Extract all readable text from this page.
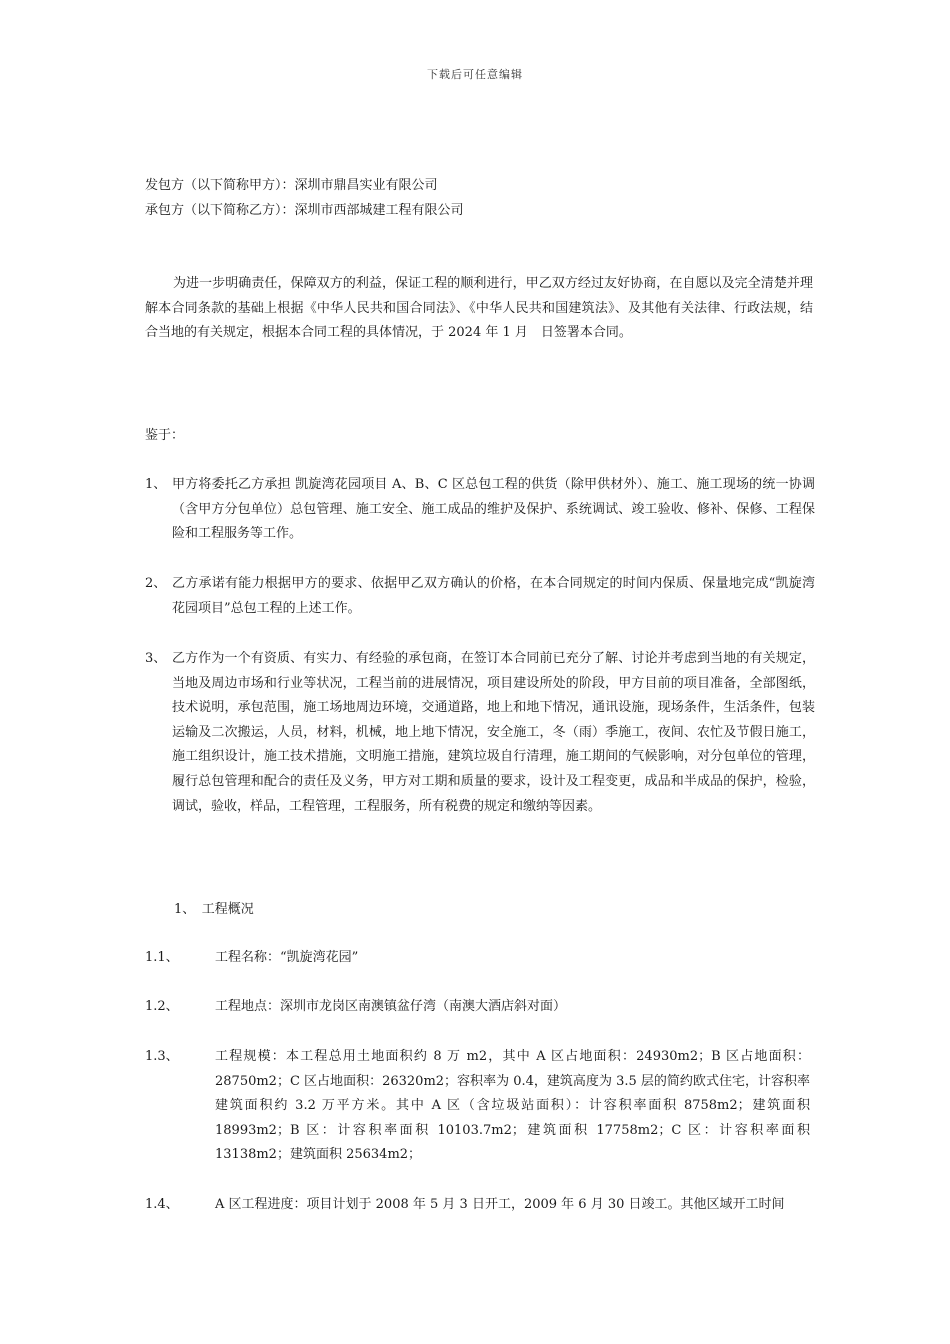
下载后可任意编辑
发包方（以下简称甲方）：深圳市鼎昌实业有限公司
承包方（以下简称乙方）：深圳市西部城建工程有限公司
为进一步明确责任，保障双方的利益，保证工程的顺利进行，甲乙双方经过友好协商，在自愿以及完全清楚并理解本合同条款的基础上根据《中华人民共和国合同法》、《中华人民共和国建筑法》、及其他有关法律、行政法规，结合当地的有关规定，根据本合同工程的具体情况，于 2024 年 1 月　日签署本合同。
鉴于：
1、 甲方将委托乙方承担 凯旋湾花园项目 A、B、C 区总包工程的供货（除甲供材外）、施工、施工现场的统一协调（含甲方分包单位）总包管理、施工安全、施工成品的维护及保护、系统调试、竣工验收、修补、保修、工程保险和工程服务等工作。
2、 乙方承诺有能力根据甲方的要求、依据甲乙双方确认的价格，在本合同规定的时间内保质、保量地完成“凯旋湾花园项目”总包工程的上述工作。
3、 乙方作为一个有资质、有实力、有经验的承包商，在签订本合同前已充分了解、讨论并考虑到当地的有关规定，当地及周边市场和行业等状况，工程当前的进展情况，项目建设所处的阶段，甲方目前的项目准备，全部图纸，技术说明，承包范围，施工场地周边环境，交通道路，地上和地下情况，通讯设施，现场条件，生活条件，包装运输及二次搬运，人员，材料，机械，地上地下情况，安全施工，冬（雨）季施工，夜间、农忙及节假日施工，施工组织设计，施工技术措施，文明施工措施，建筑垃圾自行清理，施工期间的气候影响，对分包单位的管理，履行总包管理和配合的责任及义务，甲方对工期和质量的要求，设计及工程变更，成品和半成品的保护，检验，调试，验收，样品，工程管理，工程服务，所有税费的规定和缴纳等因素。
1、　工程概况
1.1、	工程名称：“凯旋湾花园”
1.2、	工程地点：深圳市龙岗区南澳镇盆仔湾（南澳大酒店斜对面）
1.3、	工程规模：本工程总用土地面积约 8 万 m2，其中 A 区占地面积：24930m2；B 区占地面积：28750m2；C 区占地面积：26320m2；容积率为 0.4，建筑高度为 3.5 层的简约欧式住宅，计容积率建筑面积约 3.2 万平方米。其中 A 区（含垃圾站面积）：计容积率面积 8758m2；建筑面积 18993m2；B 区：计容积率面积 10103.7m2；建筑面积 17758m2；C 区：计容积率面积 13138m2；建筑面积 25634m2；
1.4、	A 区工程进度：项目计划于 2008 年 5 月 3 日开工，2009 年 6 月 30 日竣工。其他区域开工时间
